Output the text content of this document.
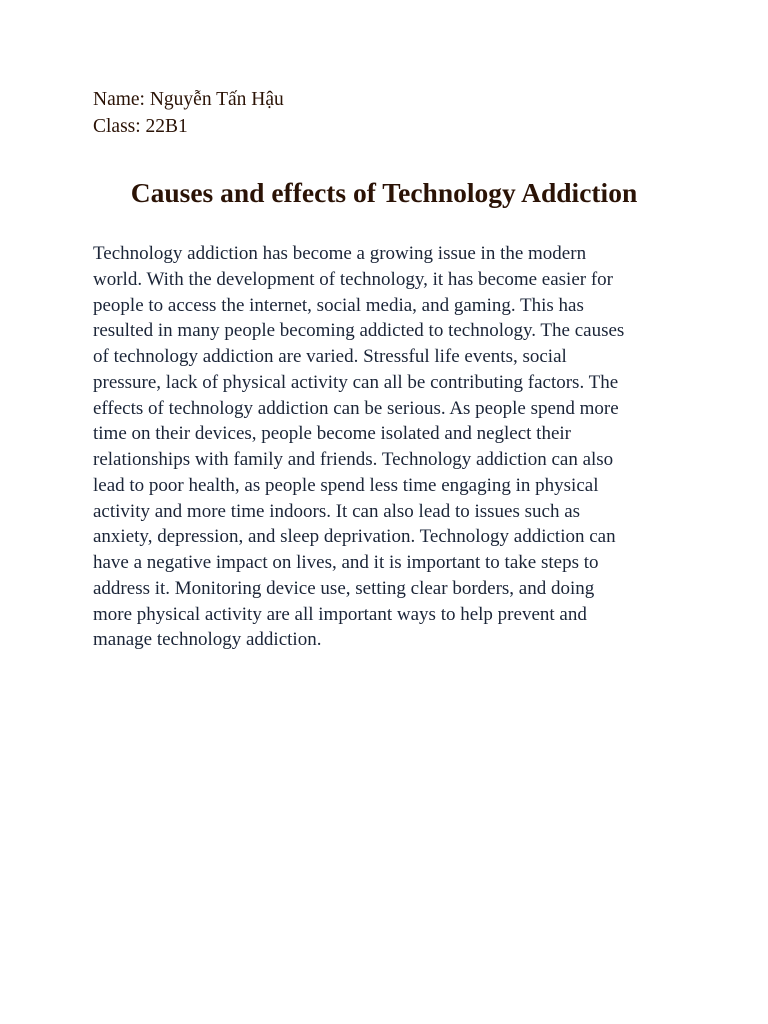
Name: Nguyễn Tấn Hậu
Class: 22B1
Causes and effects of Technology Addiction

Technology addiction has become a growing issue in the modern
world. With the development of technology, it has become easier for
people to access the internet, social media, and gaming. This has
resulted in many people becoming addicted to technology. The causes
of technology addiction are varied. Stressful life events, social
pressure, lack of physical activity can all be contributing factors. The
effects of technology addiction can be serious. As people spend more
time on their devices, people become isolated and neglect their
relationships with family and friends. Technology addiction can also
lead to poor health, as people spend less time engaging in physical
activity and more time indoors. It can also lead to issues such as
anxiety, depression, and sleep deprivation. Technology addiction can
have a negative impact on lives, and it is important to take steps to
address it. Monitoring device use, setting clear borders, and doing
more physical activity are all important ways to help prevent and
manage technology addiction.
